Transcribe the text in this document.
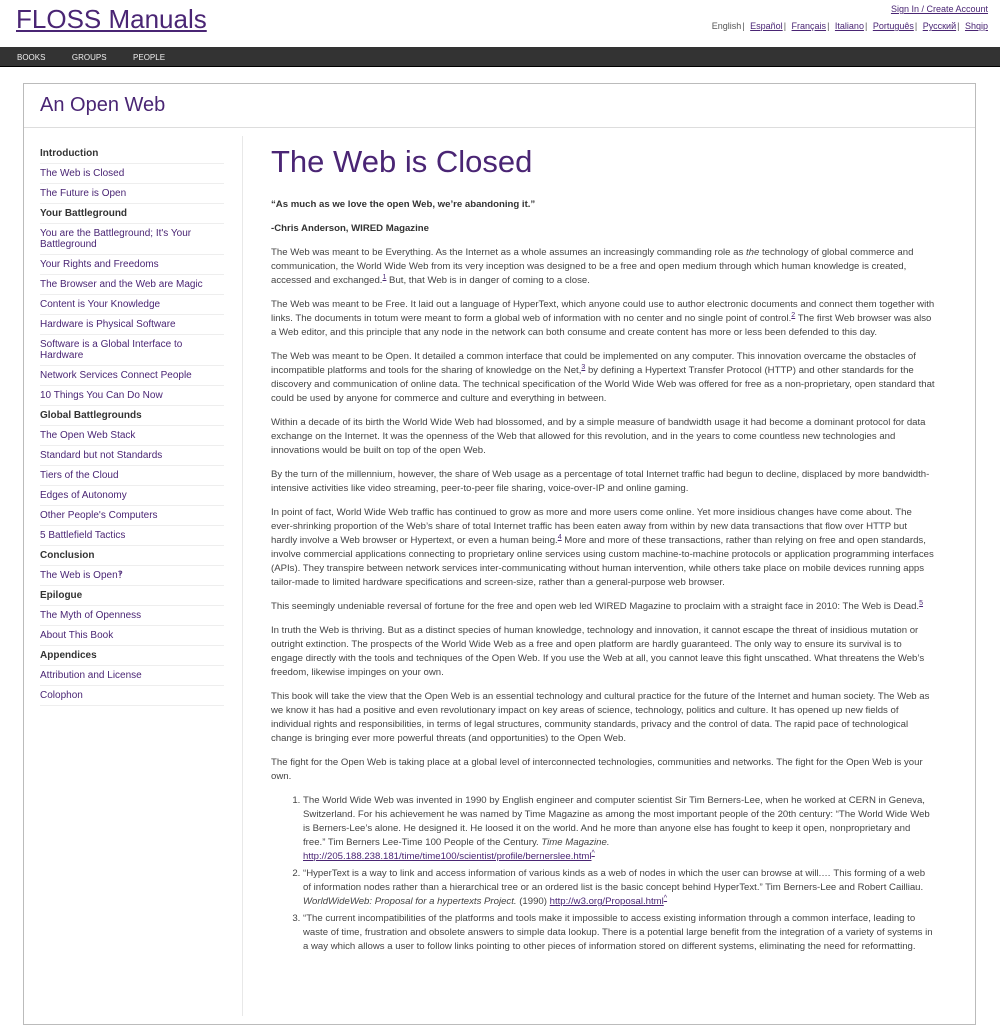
FLOSS Manuals	Sign In / Create Account
English| Español| Français| Italiano| Português| Русский| Shqip
BOOKS	GROUPS	PEOPLE
An Open Web
Introduction
The Web is Closed
The Future is Open
Your Battleground
You are the Battleground; It's Your Battleground
Your Rights and Freedoms
The Browser and the Web are Magic
Content is Your Knowledge
Hardware is Physical Software
Software is a Global Interface to Hardware
Network Services Connect People
10 Things You Can Do Now
Global Battlegrounds
The Open Web Stack
Standard but not Standards
Tiers of the Cloud
Edges of Autonomy
Other People's Computers
5 Battlefield Tactics
Conclusion
The Web is Open‽
Epilogue
The Myth of Openness
About This Book
Appendices
Attribution and License
Colophon
The Web is Closed

“As much as we love the open Web, we’re abandoning it.”

-Chris Anderson, WIRED Magazine

The Web was meant to be Everything. As the Internet as a whole assumes an increasingly commanding role as the technology of global commerce and communication, the World Wide Web from its very inception was designed to be a free and open medium through which human knowledge is created, accessed and exchanged.$^1$ But, that Web is in danger of coming to a close.

The Web was meant to be Free. It laid out a language of HyperText, which anyone could use to author electronic documents and connect them together with links. The documents in totum were meant to form a global web of information with no center and no single point of control.$^2$ The first Web browser was also a Web editor, and this principle that any node in the network can both consume and create content has more or less been defended to this day.

The Web was meant to be Open. It detailed a common interface that could be implemented on any computer. This innovation overcame the obstacles of incompatible platforms and tools for the sharing of knowledge on the Net,$^3$ by defining a Hypertext Transfer Protocol (HTTP) and other standards for the discovery and communication of online data. The technical specification of the World Wide Web was offered for free as a non-proprietary, open standard that could be used by anyone for commerce and culture and everything in between.

Within a decade of its birth the World Wide Web had blossomed, and by a simple measure of bandwidth usage it had become a dominant protocol for data exchange on the Internet. It was the openness of the Web that allowed for this revolution, and in the years to come countless new technologies and innovations would be built on top of the open Web.

By the turn of the millennium, however, the share of Web usage as a percentage of total Internet traffic had begun to decline, displaced by more bandwidth-intensive activities like video streaming, peer-to-peer file sharing, voice-over-IP and online gaming.

In point of fact, World Wide Web traffic has continued to grow as more and more users come online. Yet more insidious changes have come about. The ever-shrinking proportion of the Web’s share of total Internet traffic has been eaten away from within by new data transactions that flow over HTTP but hardly involve a Web browser or Hypertext, or even a human being.$^4$ More and more of these transactions, rather than relying on free and open standards, involve commercial applications connecting to proprietary online services using custom machine-to-machine protocols or application programming interfaces (APIs). They transpire between network services inter-communicating without human intervention, while others take place on mobile devices running apps tailor-made to limited hardware specifications and screen-size, rather than a general-purpose web browser.

This seemingly undeniable reversal of fortune for the free and open web led WIRED Magazine to proclaim with a straight face in 2010: The Web is Dead.$^5$

In truth the Web is thriving. But as a distinct species of human knowledge, technology and innovation, it cannot escape the threat of insidious mutation or outright extinction. The prospects of the World Wide Web as a free and open platform are hardly guaranteed. The only way to ensure its survival is to engage directly with the tools and techniques of the Open Web. If you use the Web at all, you cannot leave this fight unscathed. What threatens the Web’s freedom, likewise impinges on your own.

This book will take the view that the Open Web is an essential technology and cultural practice for the future of the Internet and human society. The Web as we know it has had a positive and even revolutionary impact on key areas of science, technology, politics and culture. It has opened up new fields of individual rights and responsibilities, in terms of legal structures, community standards, privacy and the control of data. The rapid pace of technological change is bringing ever more powerful threats (and opportunities) to the Open Web.

The fight for the Open Web is taking place at a global level of interconnected technologies, communities and networks. The fight for the Open Web is your own.

1. The World Wide Web was invented in 1990 by English engineer and computer scientist Sir Tim Berners-Lee, when he worked at CERN in Geneva, Switzerland. For his achievement he was named by Time Magazine as among the most important people of the 20th century: “The World Wide Web is Berners-Lee’s alone. He designed it. He loosed it on the world. And he more than anyone else has fought to keep it open, nonproprietary and free.” Tim Berners Lee-Time 100 People of the Century. Time Magazine.
http://205.188.238.181/time/time100/scientist/profile/bernerslee.html^
2. “HyperText is a way to link and access information of various kinds as a web of nodes in which the user can browse at will.… This forming of a web of information nodes rather than a hierarchical tree or an ordered list is the basic concept behind HyperText.” Tim Berners-Lee and Robert Cailliau. WorldWideWeb: Proposal for a hypertexts Project. (1990) http://w3.org/Proposal.html^
3. “The current incompatibilities of the platforms and tools make it impossible to access existing information through a common interface, leading to waste of time, frustration and obsolete answers to simple data lookup. There is a potential large benefit from the integration of a variety of systems in a way which allows a user to follow links pointing to other pieces of information stored on different systems, eliminating the need for reformatting.
